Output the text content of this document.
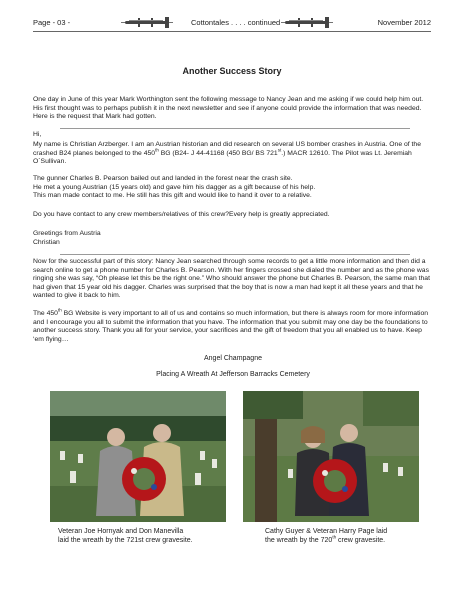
Page - 03 -	Cottontales . . . . continued	November 2012
Another Success Story

One day in June of this year Mark Worthington sent the following message to Nancy Jean and me asking if we could help him out. His first thought was to perhaps publish it in the next newsletter and see if anyone could provide the information that was needed. Here is the request that Mark had gotten.

Hi,

My name is Christian Arzberger. I am an Austrian historian and did research on several US bomber crashes in Austria. One of the crashed B24 planes belonged to the 450th BG (B24- J 44-41168 (450 BG/ BS 721st.) MACR 12610. The Pilot was Lt. Jeremiah O`Sullivan.

The gunner Charles B. Pearson bailed out and landed in the forest near the crash site.
He met a young Austrian (15 years old) and gave him his dagger as a gift because of his help.
This man made contact to me. He still has this gift and would like to hand it over to a relative.

Do you have contact to any crew members/relatives of this crew?Every help is greatly appreciated.
Greetings from Austria
Christian

Now for the successful part of this story: Nancy Jean searched through some records to get a little more information and then did a search online to get a phone number for Charles B. Pearson. With her fingers crossed she dialed the number and as the phone was ringing she was say, “Oh please let this be the right one.” Who should answer the phone but Charles B. Pearson, the same man that had given that 15 year old his dagger. Charles was surprised that the boy that is now a man had kept it all these years and that he wanted to give it back to him.

The 450th BG Website is very important to all of us and contains so much information, but there is always room for more information and I encourage you all to submit the information that you have. The information that you submit may one day be the foundations to another success story. Thank you all for your service, your sacrifices and the gift of freedom that you all enabled us to have. Keep ‘em flying…

Angel Champagne
Placing A Wreath At Jefferson Barracks Cemetery
Veteran Joe Hornyak and Don Manevilla
laid the wreath by the 721st crew gravesite.
Cathy Guyer & Veteran Harry Page laid
the wreath by the 720th crew gravesite.
